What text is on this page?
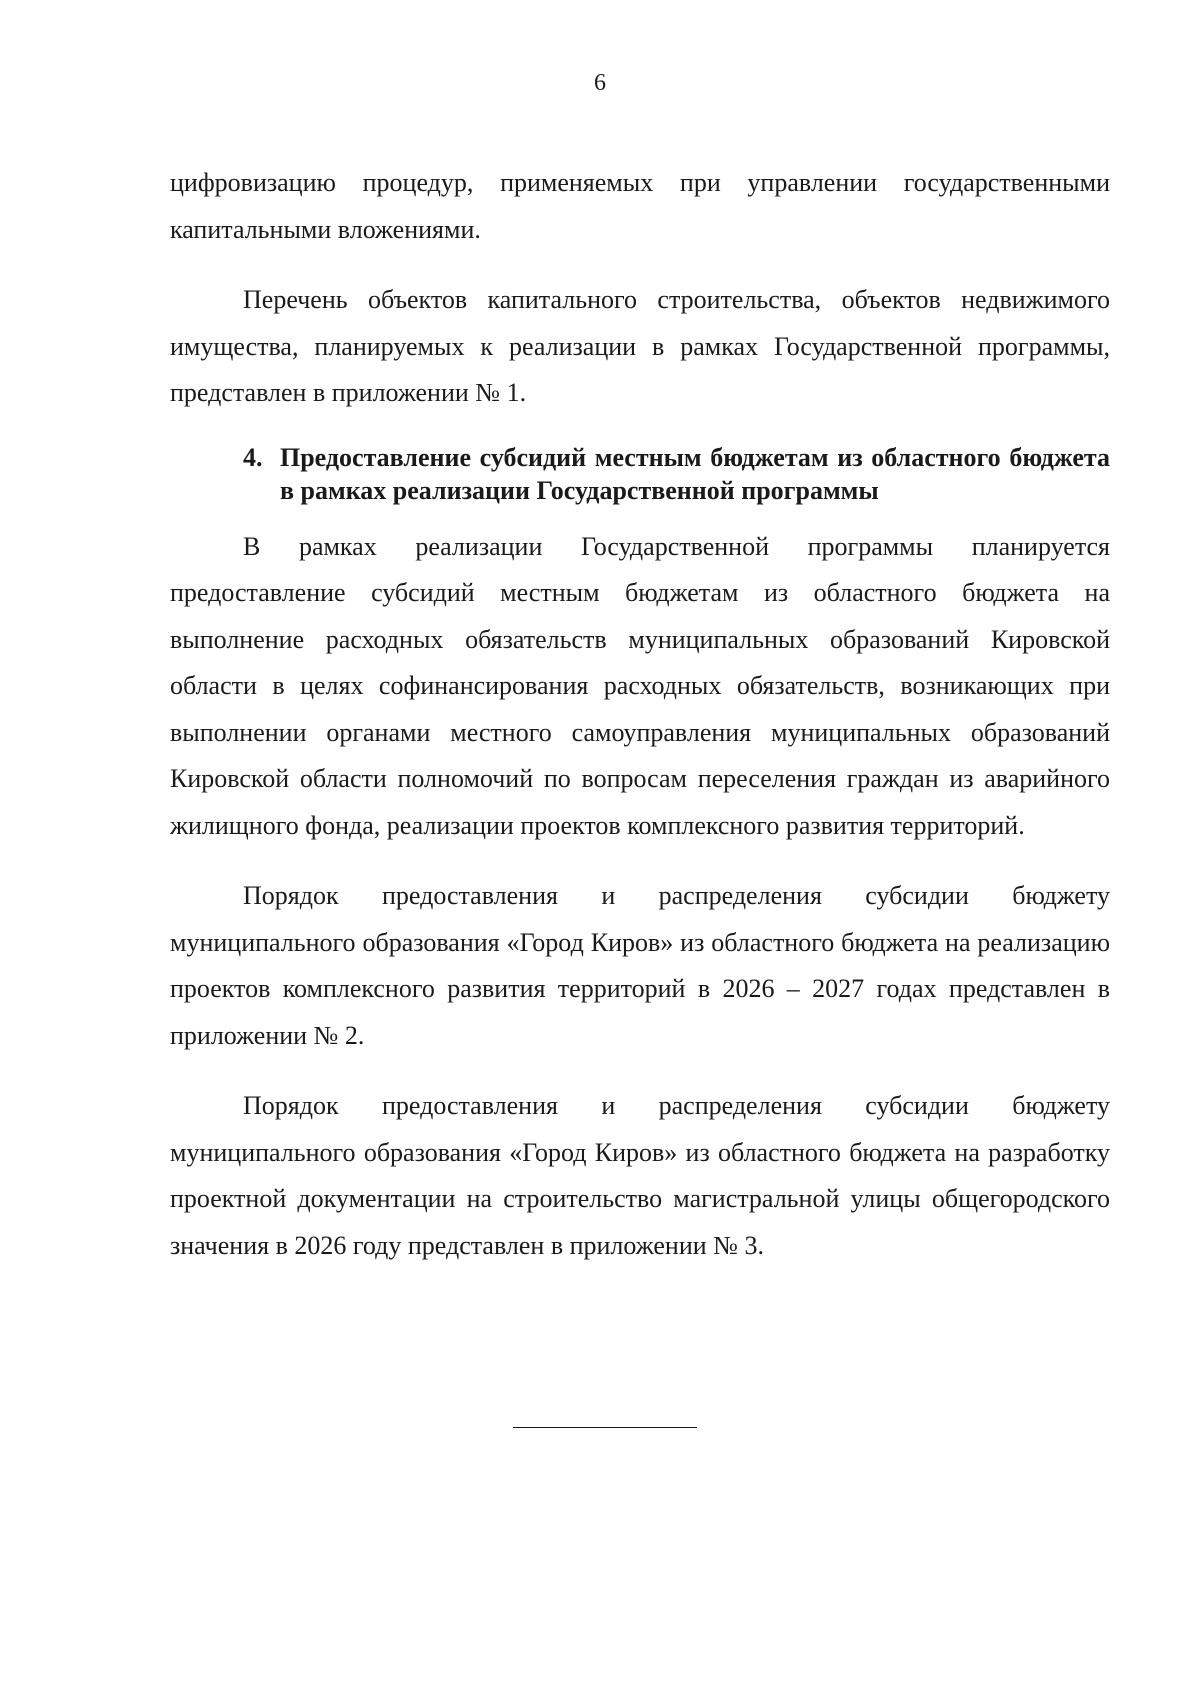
6

цифровизацию процедур, применяемых при управлении государственными капитальными вложениями.

Перечень объектов капитального строительства, объектов недвижимого имущества, планируемых к реализации в рамках Государственной программы, представлен в приложении № 1.

4. Предоставление субсидий местным бюджетам из областного бюджета в рамках реализации Государственной программы

В рамках реализации Государственной программы планируется предоставление субсидий местным бюджетам из областного бюджета на выполнение расходных обязательств муниципальных образований Кировской области в целях софинансирования расходных обязательств, возникающих при выполнении органами местного самоуправления муниципальных образований Кировской области полномочий по вопросам переселения граждан из аварийного жилищного фонда, реализации проектов комплексного развития территорий.

Порядок предоставления и распределения субсидии бюджету муниципального образования «Город Киров» из областного бюджета на реализацию проектов комплексного развития территорий в 2026 – 2027 годах представлен в приложении № 2.

Порядок предоставления и распределения субсидии бюджету муниципального образования «Город Киров» из областного бюджета на разработку проектной документации на строительство магистральной улицы общегородского значения в 2026 году представлен в приложении № 3.
